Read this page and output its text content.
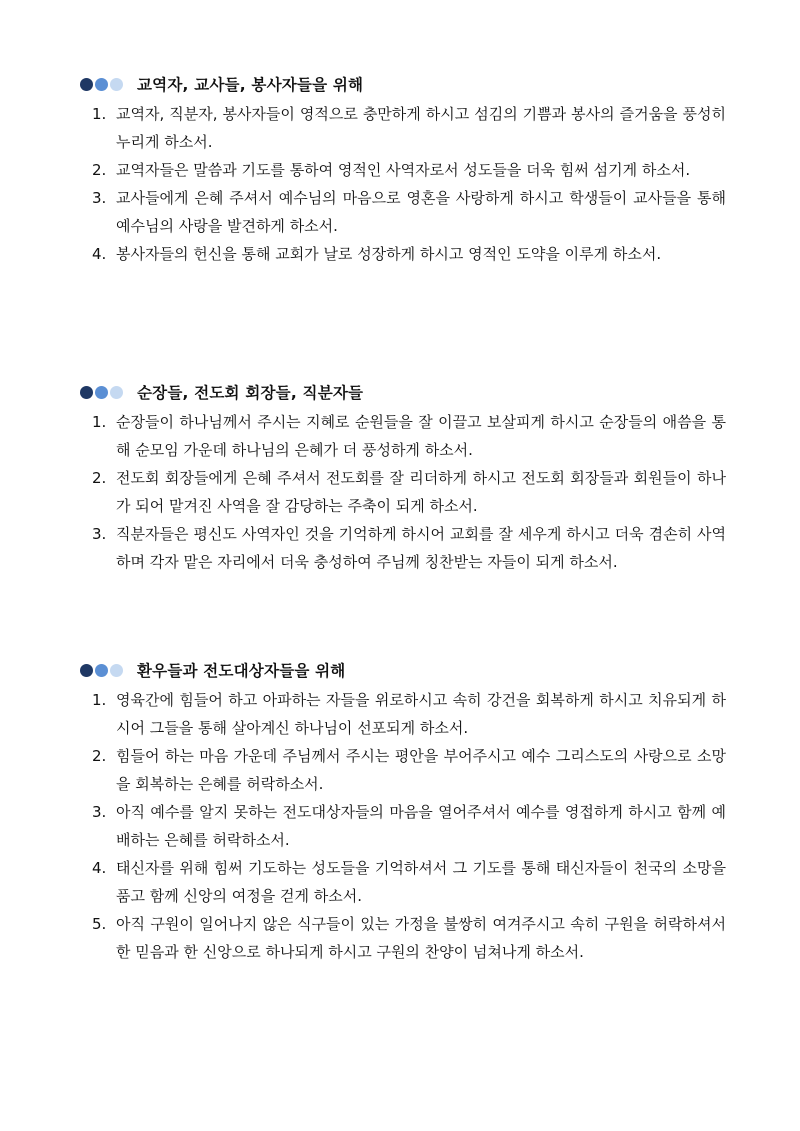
교역자, 교사들, 봉사자들을 위해
1. 교역자, 직분자, 봉사자들이 영적으로 충만하게 하시고 섬김의 기쁨과 봉사의 즐거움을 풍성히 누리게 하소서.
2. 교역자들은 말씀과 기도를 통하여 영적인 사역자로서 성도들을 더욱 힘써 섬기게 하소서.
3. 교사들에게 은혜 주셔서 예수님의 마음으로 영혼을 사랑하게 하시고 학생들이 교사들을 통해 예수님의 사랑을 발견하게 하소서.
4. 봉사자들의 헌신을 통해 교회가 날로 성장하게 하시고 영적인 도약을 이루게 하소서.
순장들, 전도회 회장들, 직분자들
1. 순장들이 하나님께서 주시는 지혜로 순원들을 잘 이끌고 보살피게 하시고 순장들의 애씀을 통해 순모임 가운데 하나님의 은혜가 더 풍성하게 하소서.
2. 전도회 회장들에게 은혜 주셔서 전도회를 잘 리더하게 하시고 전도회 회장들과 회원들이 하나가 되어 맡겨진 사역을 잘 감당하는 주축이 되게 하소서.
3. 직분자들은 평신도 사역자인 것을 기억하게 하시어 교회를 잘 세우게 하시고 더욱 겸손히 사역하며 각자 맡은 자리에서 더욱 충성하여 주님께 칭찬받는 자들이 되게 하소서.
환우들과 전도대상자들을 위해
1. 영육간에 힘들어 하고 아파하는 자들을 위로하시고 속히 강건을 회복하게 하시고 치유되게 하시어 그들을 통해 살아계신 하나님이 선포되게 하소서.
2. 힘들어 하는 마음 가운데 주님께서 주시는 평안을 부어주시고 예수 그리스도의 사랑으로 소망을 회복하는 은혜를 허락하소서.
3. 아직 예수를 알지 못하는 전도대상자들의 마음을 열어주셔서 예수를 영접하게 하시고 함께 예배하는 은혜를 허락하소서.
4. 태신자를 위해 힘써 기도하는 성도들을 기억하셔서 그 기도를 통해 태신자들이 천국의 소망을 품고 함께 신앙의 여정을 걷게 하소서.
5. 아직 구원이 일어나지 않은 식구들이 있는 가정을 불쌍히 여겨주시고 속히 구원을 허락하셔서 한 믿음과 한 신앙으로 하나되게 하시고 구원의 찬양이 넘쳐나게 하소서.
